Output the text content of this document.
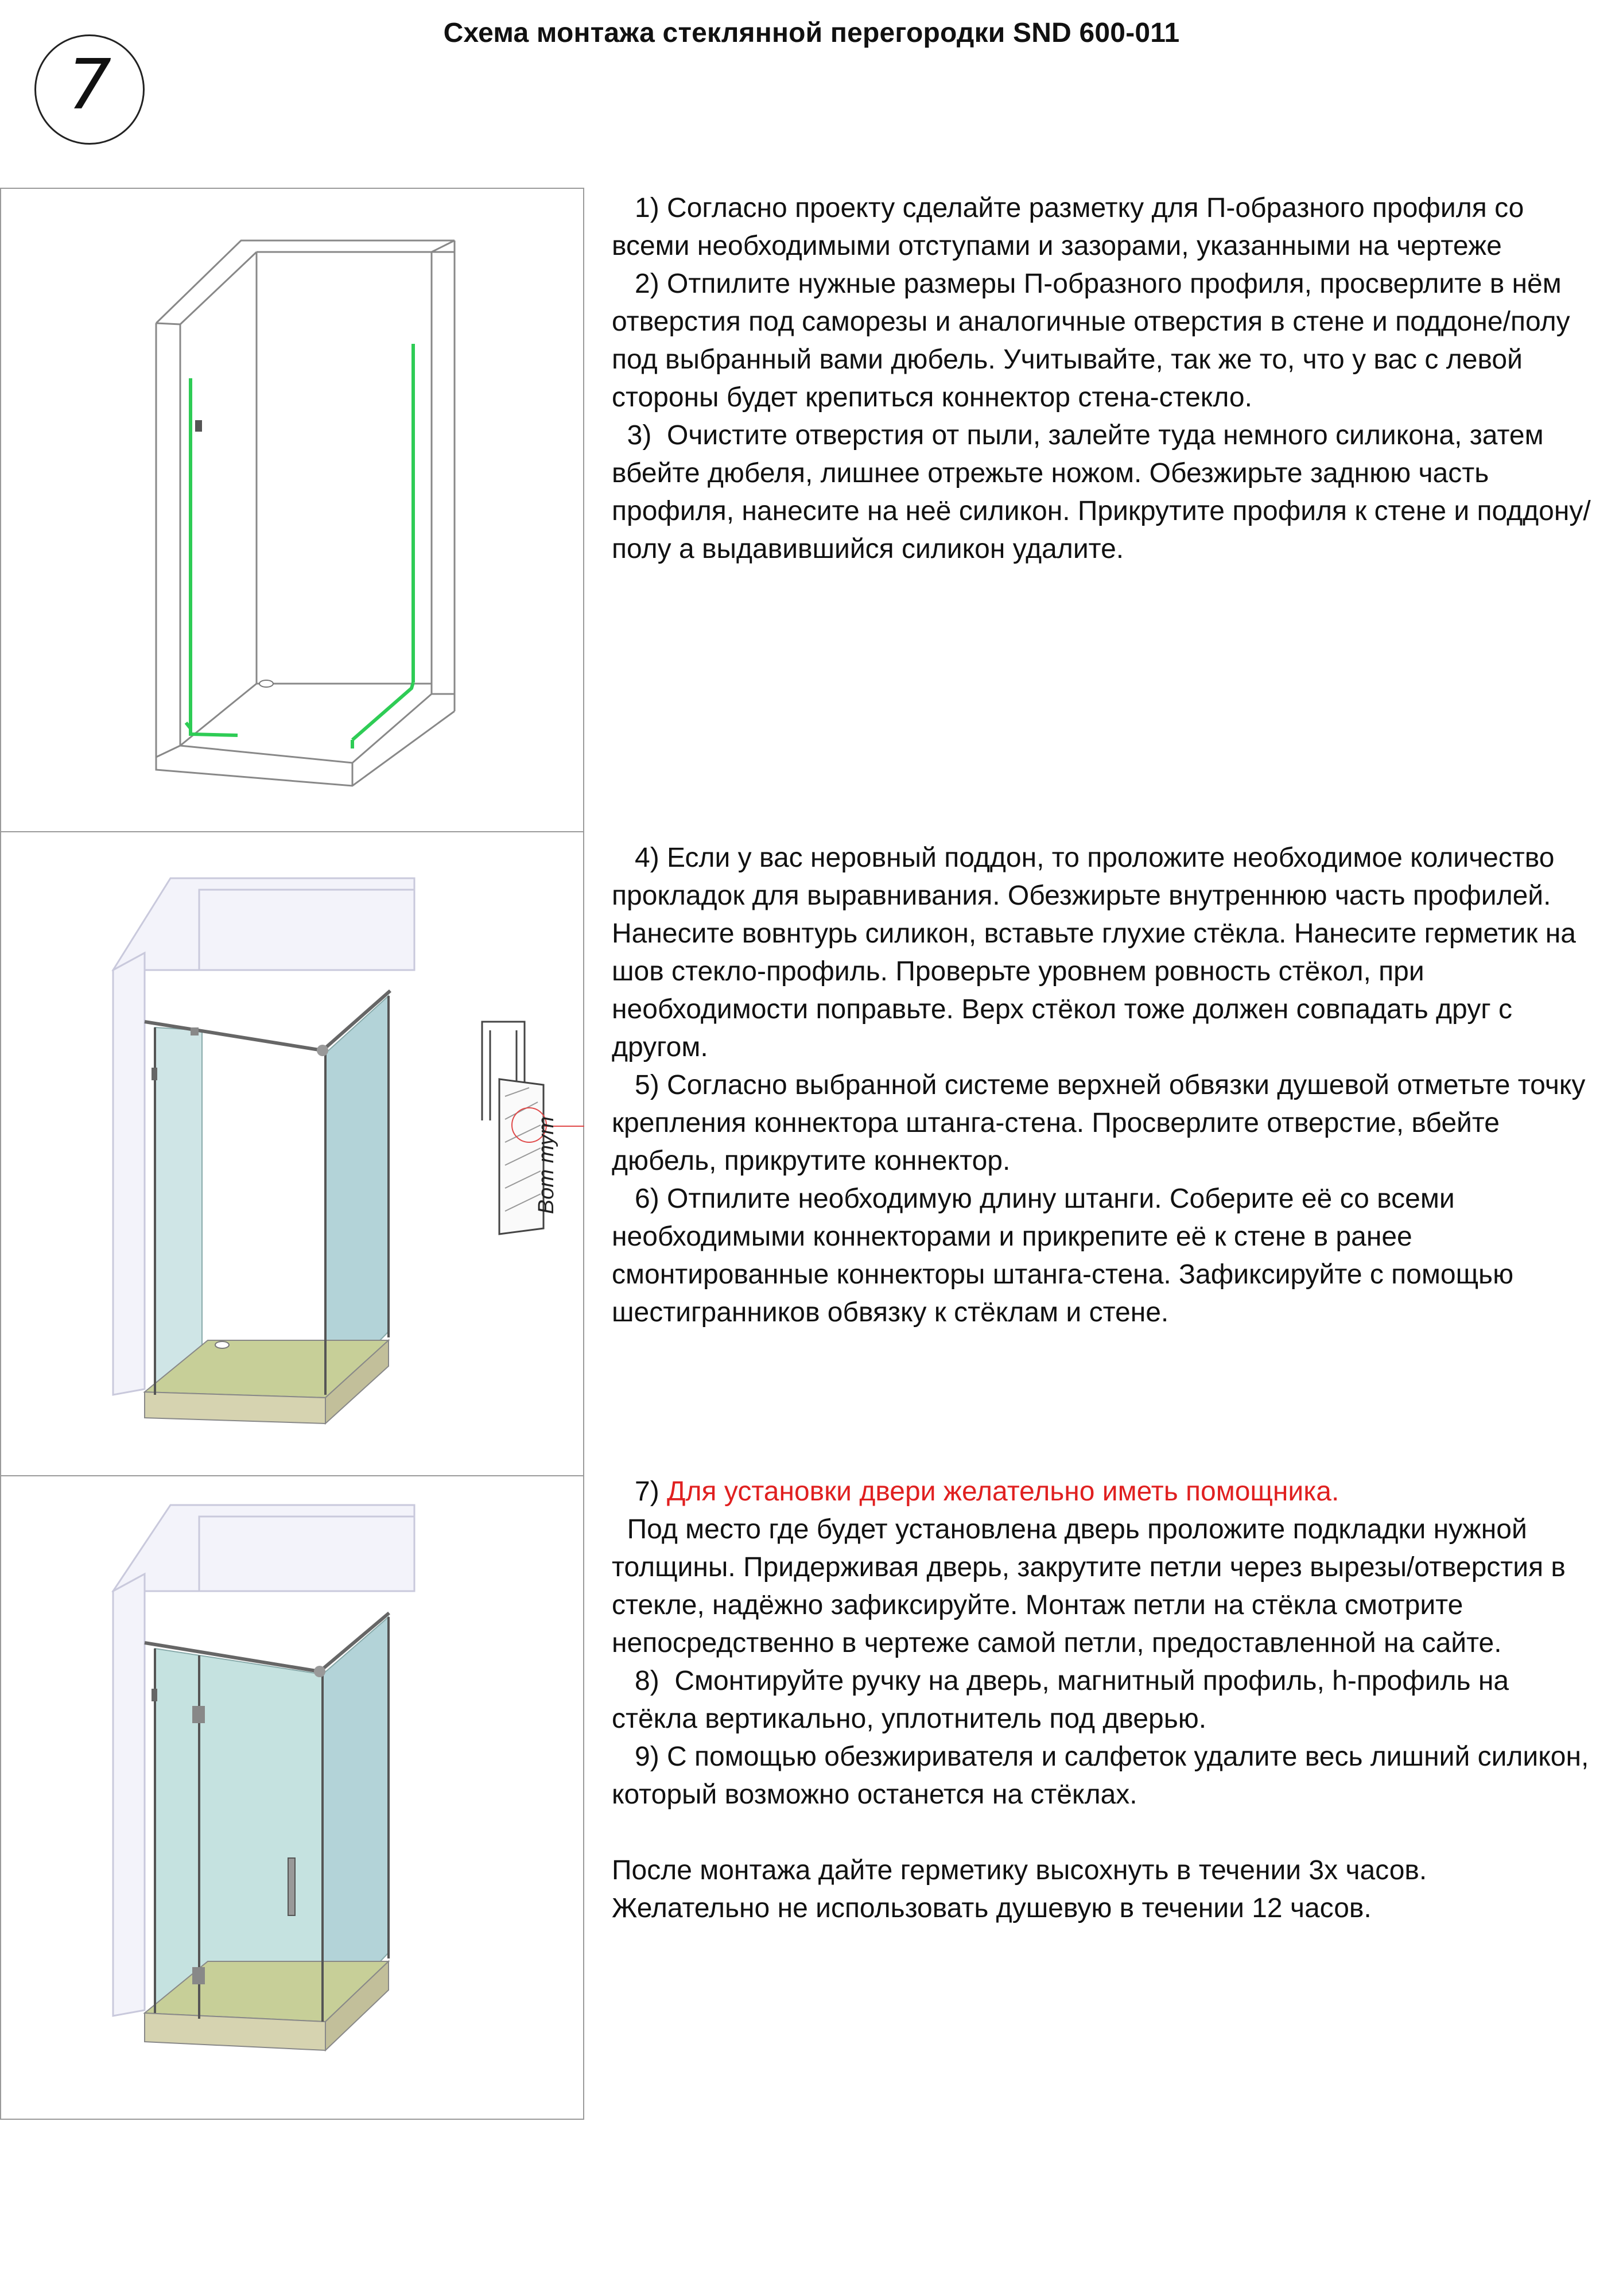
Схема монтажа стеклянной перегородки SND 600-011
7
Вот тут

1) Согласно проекту сделайте разметку для П-образного профиля со всеми необходимыми отступами и зазорами, указанными на чертеже

2) Отпилите нужные размеры П-образного профиля, просверлите в нём отверстия под саморезы и аналогичные отверстия в стене и поддоне/полу под выбранный вами дюбель. Учитывайте, так же то, что у вас с левой стороны будет крепиться коннектор стена-стекло.

3)  Очистите отверстия от пыли, залейте туда немного силикона, затем вбейте дюбеля, лишнее отрежьте ножом. Обезжирьте заднюю часть профиля, нанесите на неё силикон. Прикрутите профиля к стене и поддону/полу а выдавившийся силикон удалите.

4) Если у вас неровный поддон, то проложите необходимое количество прокладок для выравнивания. Обезжирьте внутреннюю часть профилей. Нанесите вовнтурь силикон, вставьте глухие стёкла. Нанесите герметик на шов стекло-профиль. Проверьте уровнем ровность стёкол, при необходимости поправьте. Верх стёкол тоже должен совпадать друг с другом.

5) Согласно выбранной системе верхней обвязки душевой отметьте точку крепления коннектора штанга-стена. Просверлите отверстие, вбейте дюбель, прикрутите коннектор.

6) Отпилите необходимую длину штанги. Соберите её со всеми необходимыми коннекторами и прикрепите её к стене в ранее смонтированные коннекторы штанга-стена. Зафиксируйте с помощью шестигранников обвязку к стёклам и стене.

7) Для установки двери желательно иметь помощника.

Под место где будет установлена дверь проложите подкладки нужной толщины. Придерживая дверь, закрутите петли через вырезы/отверстия в стекле, надёжно зафиксируйте. Монтаж петли на стёкла смотрите непосредственно в чертеже самой петли, предоставленной на сайте.

8)  Смонтируйте ручку на дверь, магнитный профиль, h-профиль на стёкла вертикально, уплотнитель под дверью.

9) С помощью обезжиривателя и салфеток удалите весь лишний силикон, который возможно останется на стёклах.

После монтажа дайте герметику высохнуть в течении 3х часов.

Желательно не использовать душевую в течении 12 часов.
